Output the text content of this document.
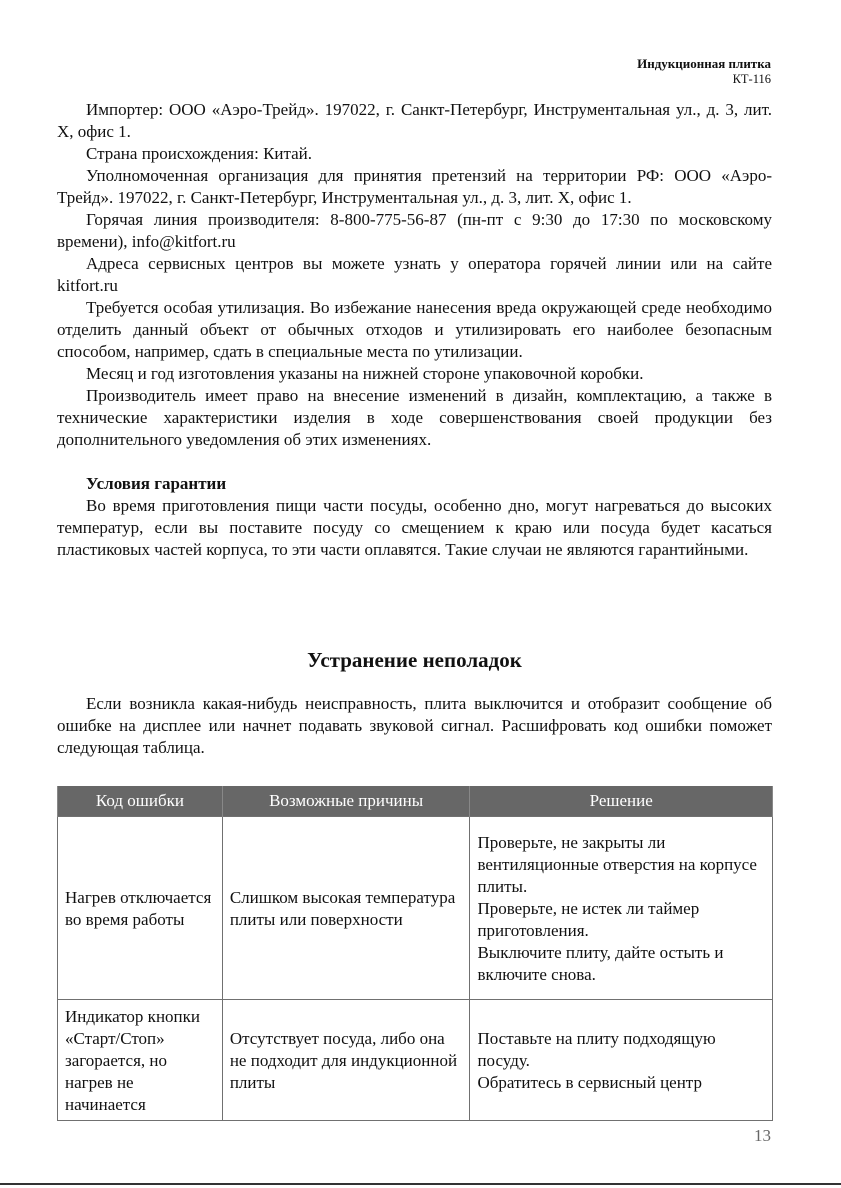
Индукционная плитка
КТ-116

Импортер: ООО «Аэро-Трейд». 197022, г. Санкт-Петербург, Инструментальная ул., д. 3, лит. Х, офис 1.

Страна происхождения: Китай.

Уполномоченная организация для принятия претензий на территории РФ: ООО «Аэро-Трейд». 197022, г. Санкт-Петербург, Инструментальная ул., д. 3, лит. Х, офис 1.

Горячая линия производителя: 8-800-775-56-87 (пн-пт с 9:30 до 17:30 по московскому времени), info@kitfort.ru

Адреса сервисных центров вы можете узнать у оператора горячей линии или на сайте kitfort.ru

Требуется особая утилизация. Во избежание нанесения вреда окружающей среде необходимо отделить данный объект от обычных отходов и утилизировать его наиболее безопасным способом, например, сдать в специальные места по утилизации.

Месяц и год изготовления указаны на нижней стороне упаковочной коробки.

Производитель имеет право на внесение изменений в дизайн, комплектацию, а также в технические характеристики изделия в ходе совершенствования своей продукции без дополнительного уведомления об этих изменениях.

Условия гарантии

Во время приготовления пищи части посуды, особенно дно, могут нагреваться до высоких температур, если вы поставите посуду со смещением к краю или посуда будет касаться пластиковых частей корпуса, то эти части оплавятся. Такие случаи не являются гарантийными.

Устранение неполадок

Если возникла какая-нибудь неисправность, плита выключится и отобразит сообщение об ошибке на дисплее или начнет подавать звуковой сигнал. Расшифровать код ошибки поможет следующая таблица.

Код ошибки	Возможные причины	Решение
Нагрев отключается во время работы	Слишком высокая температура плиты или поверхности	Проверьте, не закрыты ли вентиляционные отверстия на корпусе плиты.
Проверьте, не истек ли таймер приготовления.
Выключите плиту, дайте остыть и включите снова.

Индикатор кнопки «Старт/Стоп» загорается, но нагрев не начинается	Отсутствует посуда, либо она не подходит для индукционной плиты	Поставьте на плиту подходящую посуду.
Обратитесь в сервисный центр
13
